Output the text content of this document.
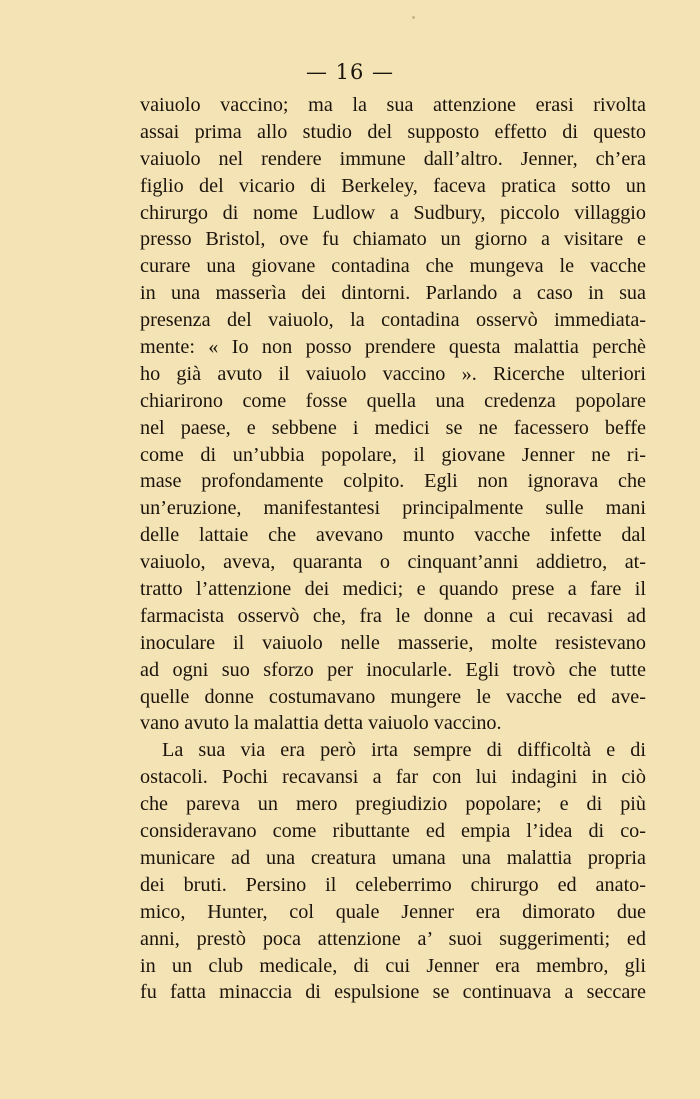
— 16 —
vaiuolo vaccino; ma la sua attenzione erasi rivolta
assai prima allo studio del supposto effetto di questo
vaiuolo nel rendere immune dall’altro. Jenner, ch’era
figlio del vicario di Berkeley, faceva pratica sotto un
chirurgo di nome Ludlow a Sudbury, piccolo villaggio
presso Bristol, ove fu chiamato un giorno a visitare e
curare una giovane contadina che mungeva le vacche
in una masserìa dei dintorni. Parlando a caso in sua
presenza del vaiuolo, la contadina osservò immediata-
mente: « Io non posso prendere questa malattia perchè
ho già avuto il vaiuolo vaccino ». Ricerche ulteriori
chiarirono come fosse quella una credenza popolare
nel paese, e sebbene i medici se ne facessero beffe
come di un’ubbia popolare, il giovane Jenner ne ri-
mase profondamente colpito. Egli non ignorava che
un’eruzione, manifestantesi principalmente sulle mani
delle lattaie che avevano munto vacche infette dal
vaiuolo, aveva, quaranta o cinquant’anni addietro, at-
tratto l’attenzione dei medici; e quando prese a fare il
farmacista osservò che, fra le donne a cui recavasi ad
inoculare il vaiuolo nelle masserie, molte resistevano
ad ogni suo sforzo per inocularle. Egli trovò che tutte
quelle donne costumavano mungere le vacche ed ave-
vano avuto la malattia detta vaiuolo vaccino.
La sua via era però irta sempre di difficoltà e di
ostacoli. Pochi recavansi a far con lui indagini in ciò
che pareva un mero pregiudizio popolare; e di più
consideravano come ributtante ed empia l’idea di co-
municare ad una creatura umana una malattia propria
dei bruti. Persino il celeberrimo chirurgo ed anato-
mico, Hunter, col quale Jenner era dimorato due
anni, prestò poca attenzione a’ suoi suggerimenti; ed
in un club medicale, di cui Jenner era membro, gli
fu fatta minaccia di espulsione se continuava a seccare
